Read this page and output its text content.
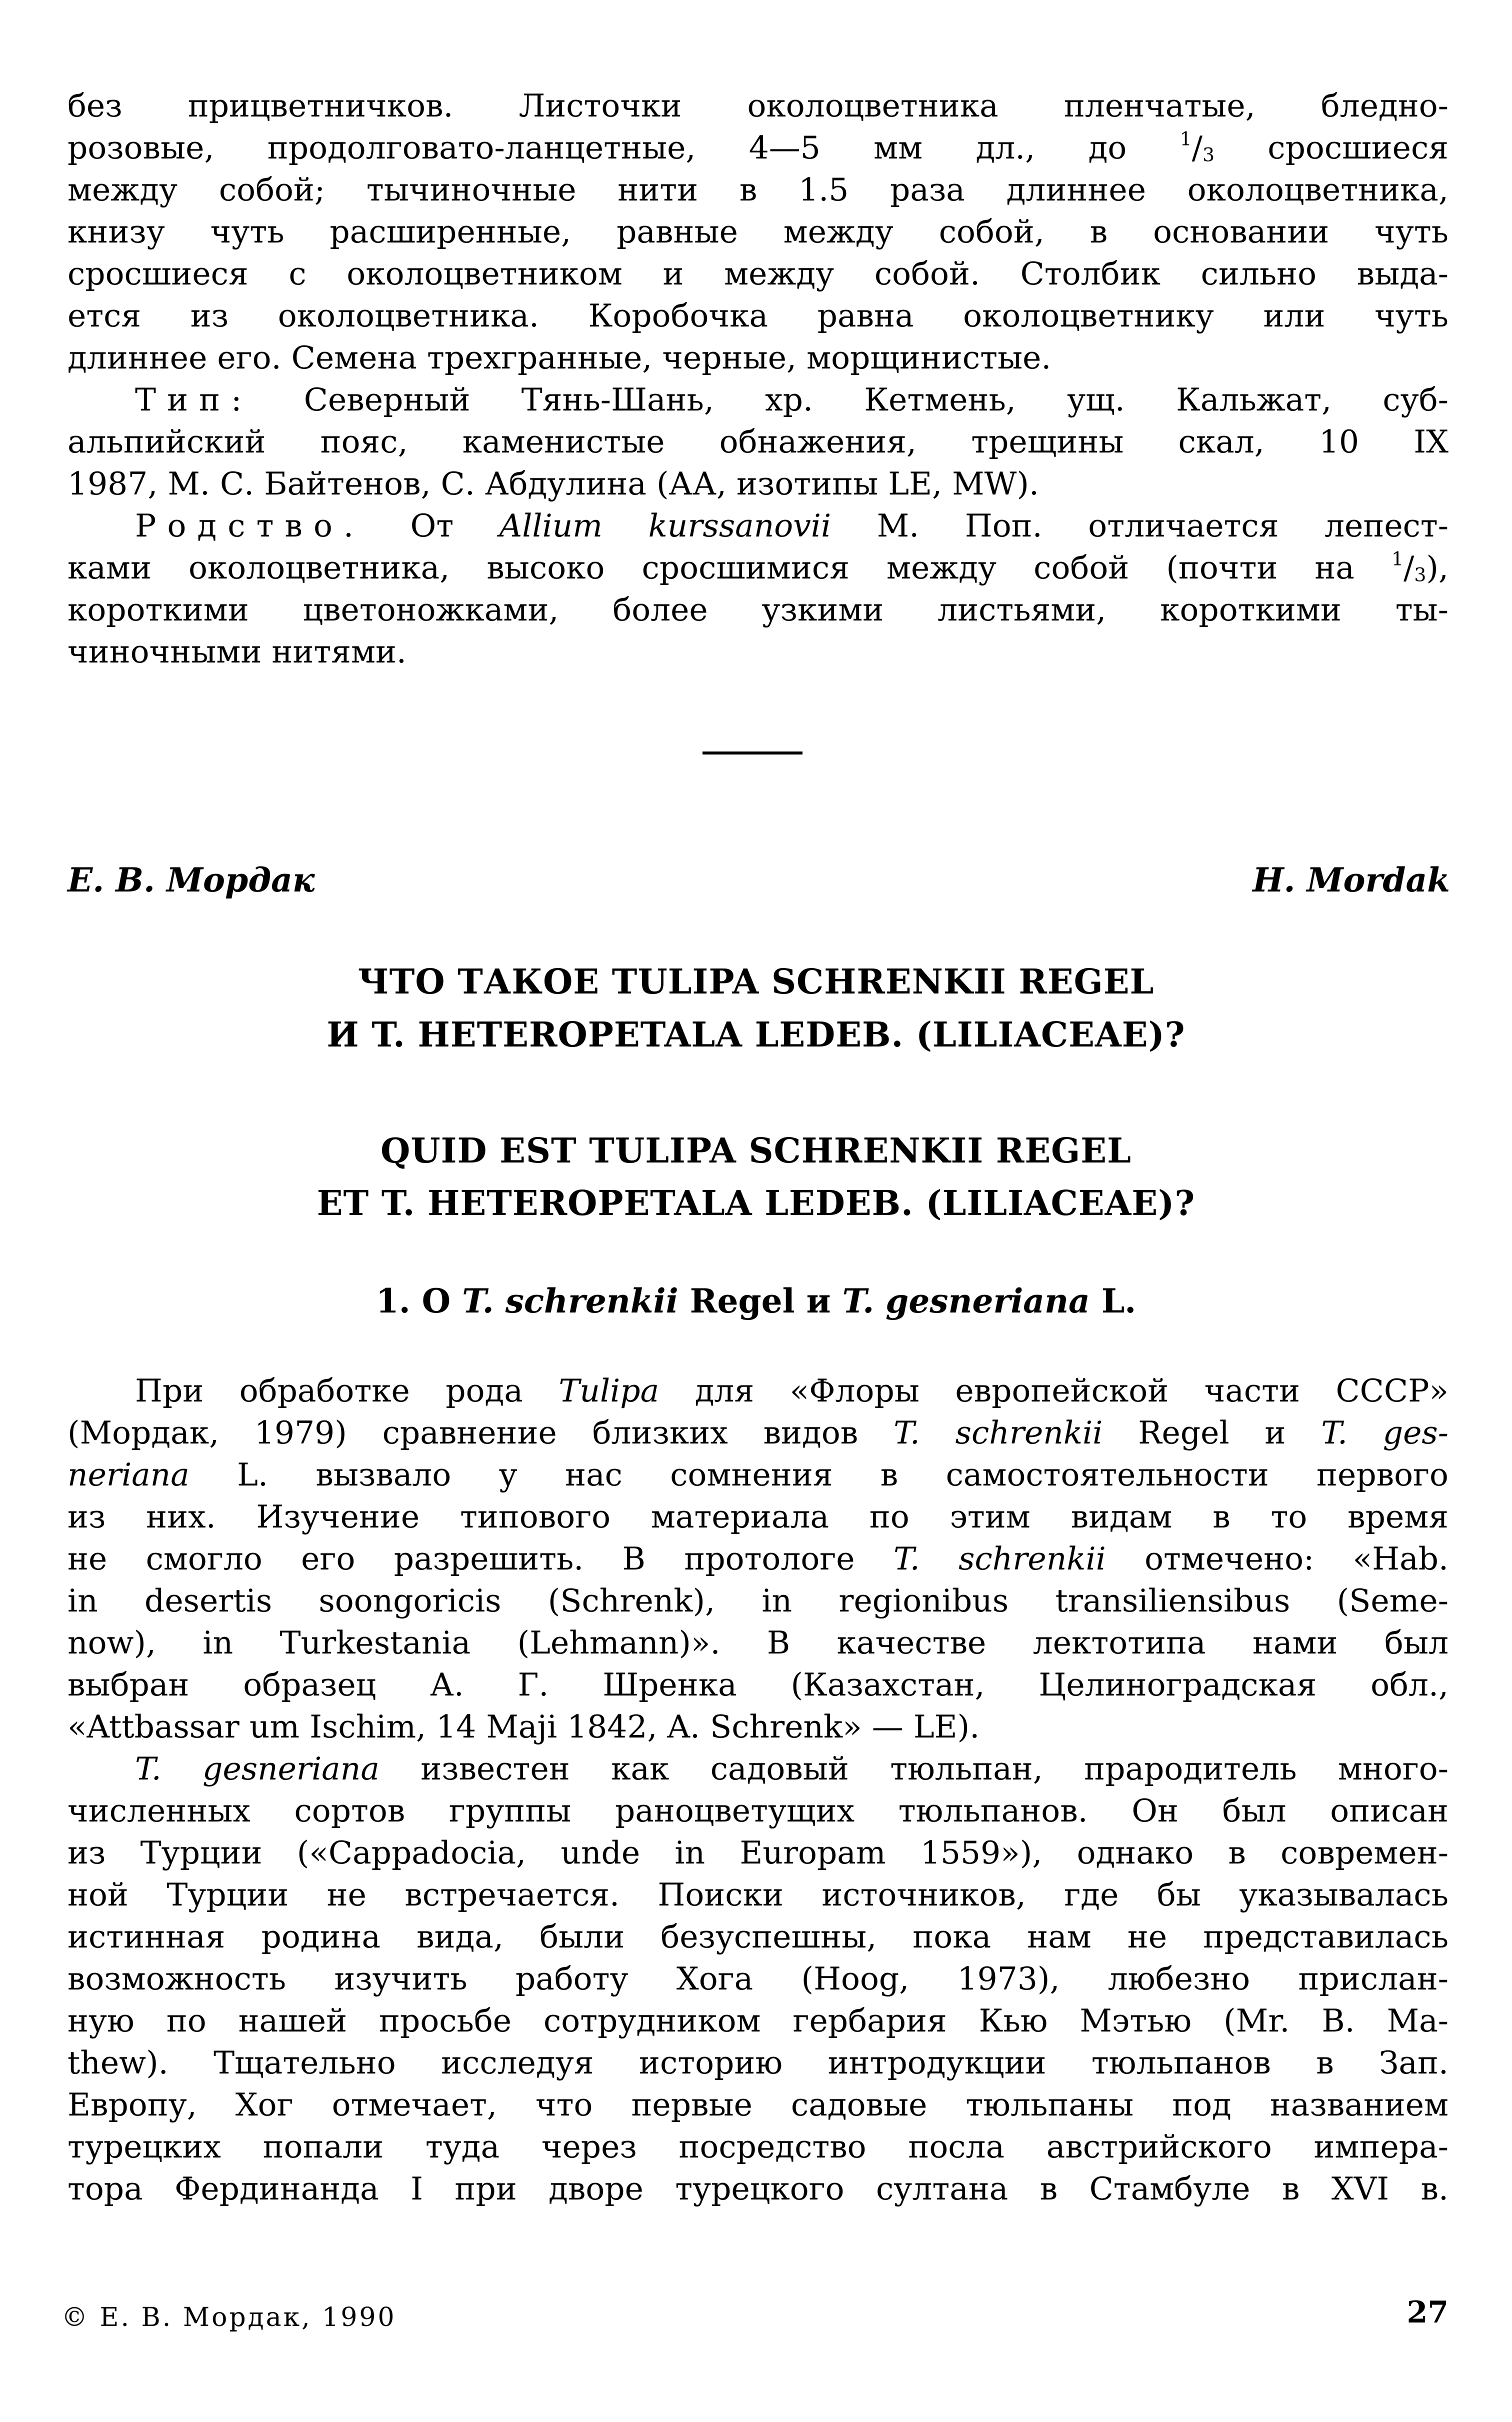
без прицветничков. Листочки околоцветника пленчатые, бледно-
розовые, продолговато-ланцетные, 4—5 мм дл., до	$^1/_3$ сросшиеся
между собой; тычиночные нити в 1.5 раза длиннее околоцветника,
книзу чуть расширенные, равные между собой, в основании чуть
сросшиеся с околоцветником и между собой. Столбик сильно выда-
ется из околоцветника. Коробочка равна околоцветнику или чуть
длиннее его. Семена трехгранные, черные, морщинистые.
Тип: Северный Тянь-Шань, хр. Кетмень, ущ. Кальжат, суб-
альпийский пояс, каменистые обнажения, трещины скал, 10 IX
1987, М. С. Байтенов, С. Абдулина (АА, изотипы LE, MW).
Родство. От Allium kurssanovii М. Поп. отличается лепест-
ками околоцветника, высоко сросшимися между собой (почти на $^1/_3$),
короткими цветоножками, более узкими листьями, короткими ты-
чиночными нитями.
Е. В. Мордак	H. Mordak
ЧТО ТАКОЕ TULIPA SCHRENKII REGEL
И T. HETEROPETALA LEDEB. (LILIACEAE)?
QUID EST TULIPA SCHRENKII REGEL
ET T. HETEROPETALA LEDEB. (LILIACEAE)?
1. О T. schrenkii Regel и T. gesneriana L.
При обработке рода Tulipa для «Флоры европейской части СССР»
(Мордак, 1979) сравнение близких видов T. schrenkii Regel и T. ges-
neriana L. вызвало у нас сомнения в самостоятельности первого
из них. Изучение типового материала по этим видам в то время
не смогло его разрешить. В протологе T. schrenkii отмечено: «Hab.
in desertis soongoricis (Schrenk), in regionibus transiliensibus (Seme-
now), in Turkestania (Lehmann)». В качестве лектотипа нами был
выбран образец А. Г. Шренка (Казахстан, Целиноградская обл.,
«Attbassar um Ischim, 14 Maji 1842, A. Schrenk» — LE).
T. gesneriana известен как садовый тюльпан, прародитель много-
численных сортов группы раноцветущих тюльпанов. Он был описан
из Турции («Cappadocia, unde in Europam 1559»), однако в современ-
ной Турции не встречается. Поиски источников, где бы указывалась
истинная родина вида, были безуспешны, пока нам не представилась
возможность изучить работу Хога (Hoog, 1973), любезно прислан-
ную по нашей просьбе сотрудником гербария Кью Мэтью (Mr. B. Ma-
thew). Тщательно исследуя историю интродукции тюльпанов в Зап.
Европу, Хог отмечает, что первые садовые тюльпаны под названием
турецких попали туда через посредство посла австрийского импера-
тора Фердинанда I при дворе турецкого султана в Стамбуле в XVI в.
© Е. В. Мордак, 1990	27
